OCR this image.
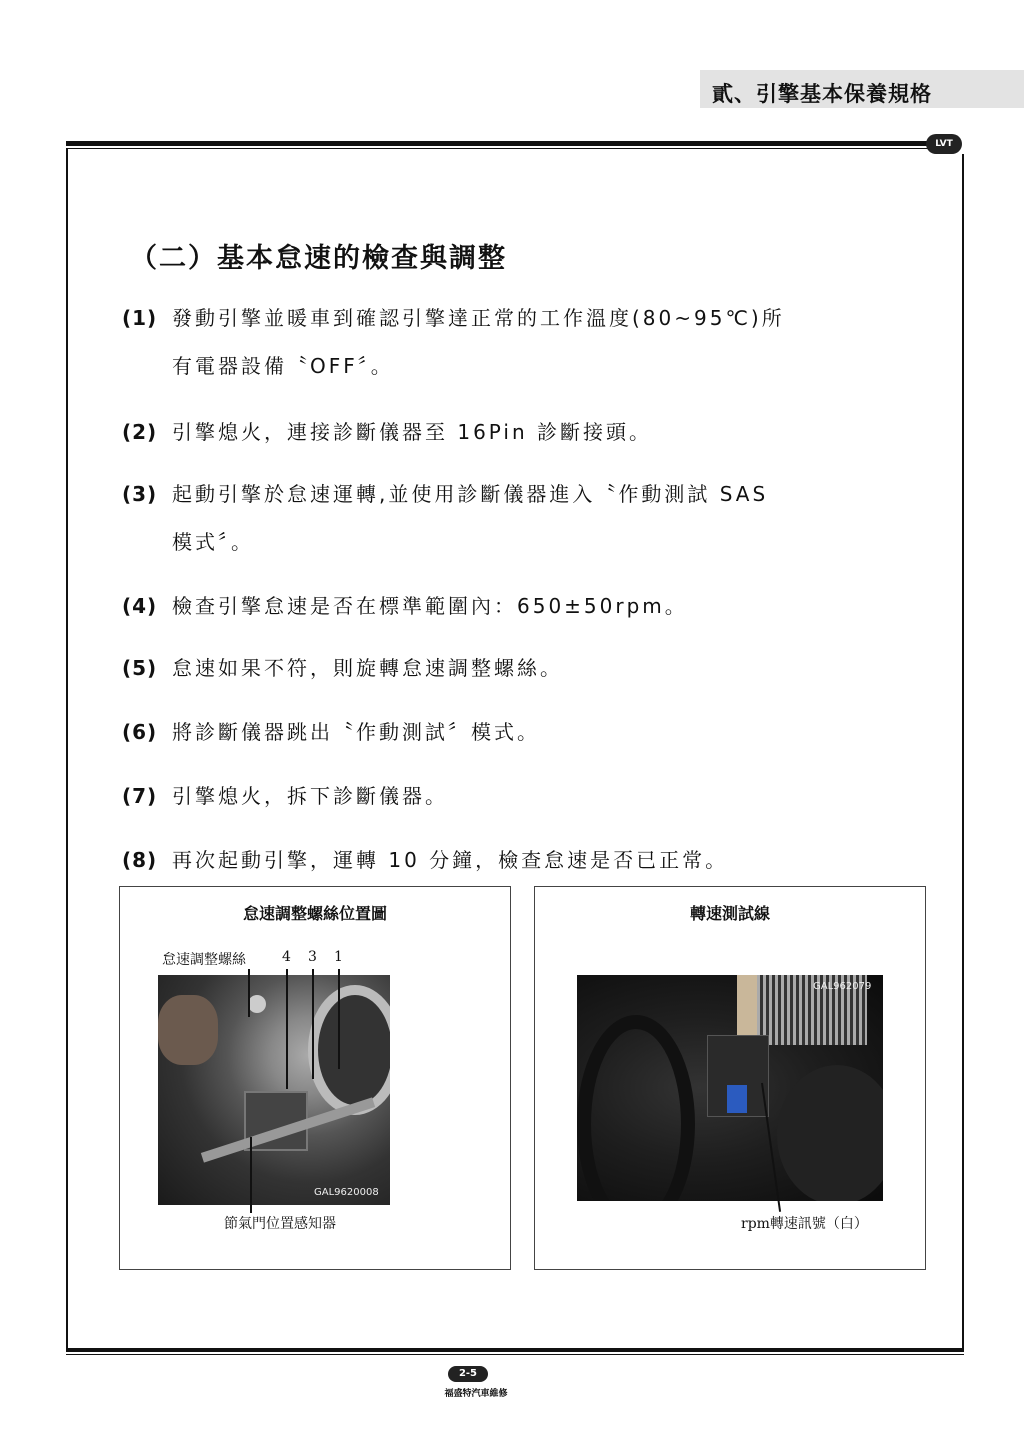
貳、引擎基本保養規格
LVT
（二）基本怠速的檢查與調整
(1) 發動引擎並暖車到確認引擎達正常的工作溫度(80~95℃)所
有電器設備〝OFF〞。
(2) 引擎熄火，連接診斷儀器至 16Pin 診斷接頭。
(3) 起動引擎於怠速運轉,並使用診斷儀器進入〝作動測試 SAS
模式〞。
(4) 檢查引擎怠速是否在標準範圍內：650±50rpm。
(5) 怠速如果不符，則旋轉怠速調整螺絲。
(6) 將診斷儀器跳出〝作動測試〞模式。
(7) 引擎熄火，拆下診斷儀器。
(8) 再次起動引擎，運轉 10 分鐘，檢查怠速是否已正常。
怠速調整螺絲位置圖
怠速調整螺絲	4 3 1
GAL9620008
節氣門位置感知器
轉速測試線
GAL962079
rpm轉速訊號（白）
2-5
福盛特汽車維修
